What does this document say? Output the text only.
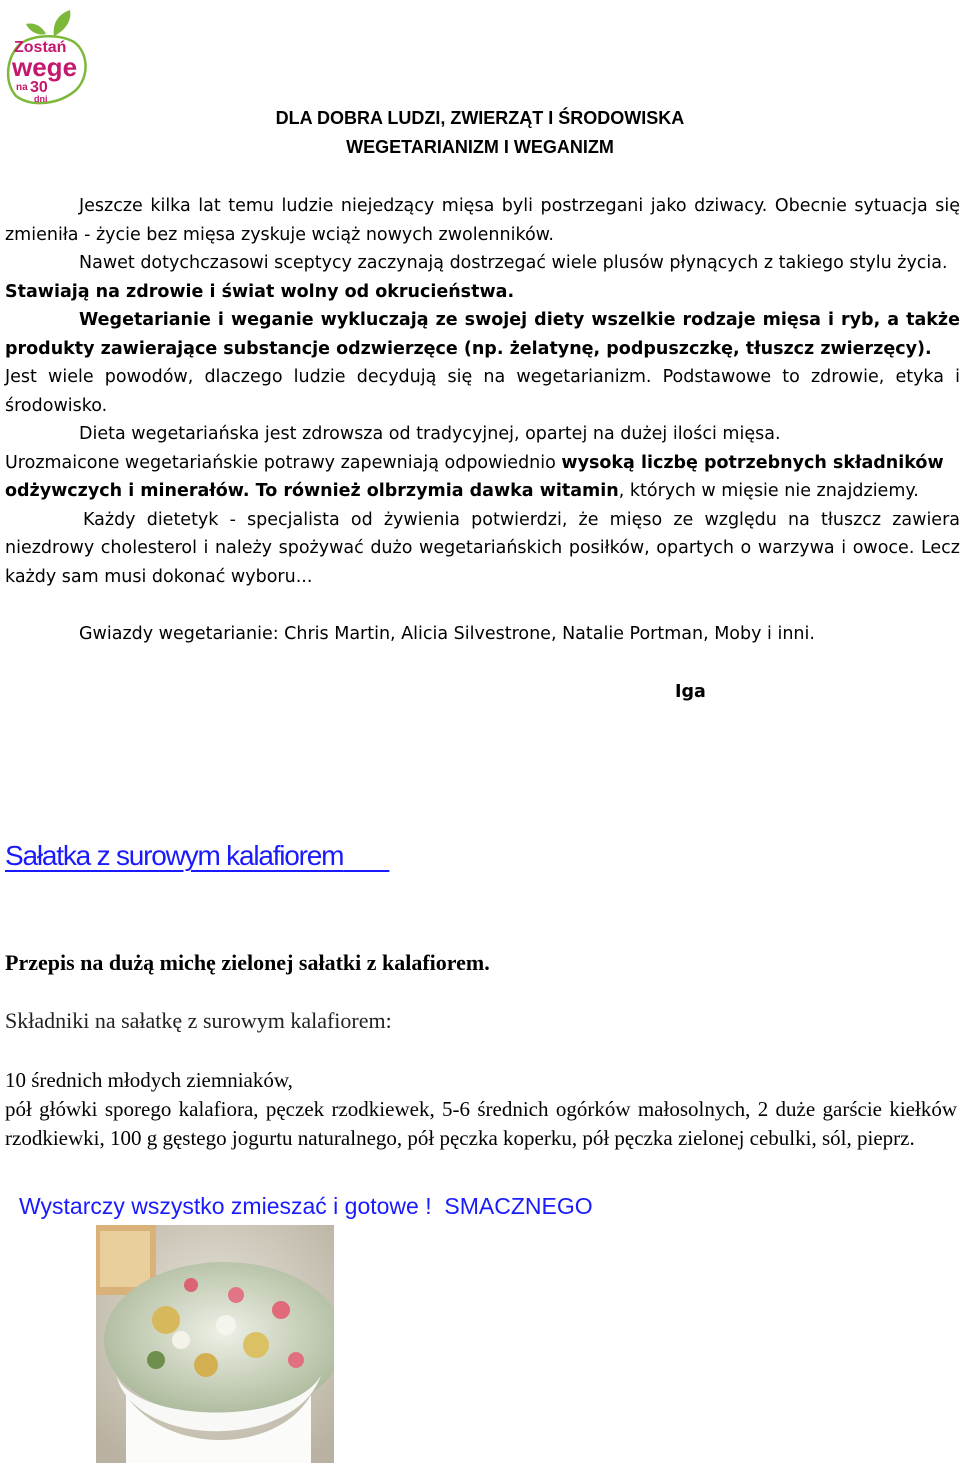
Zostań
wege
na 30
dni
DLA DOBRA LUDZI, ZWIERZĄT I ŚRODOWISKA
WEGETARIANIZM I WEGANIZM

Jeszcze kilka lat temu ludzie niejedzący mięsa byli postrzegani jako dziwacy. Obecnie sytuacja się zmieniła - życie bez mięsa zyskuje wciąż nowych zwolenników.

Nawet dotychczasowi sceptycy zaczynają dostrzegać wiele plusów płynących z takiego stylu życia.

Stawiają na zdrowie i świat wolny od okrucieństwa.

Wegetarianie i weganie wykluczają ze swojej diety wszelkie rodzaje mięsa i ryb, a także produkty zawierające substancje odzwierzęce (np. żelatynę, podpuszczkę, tłuszcz zwierzęcy).

Jest wiele powodów, dlaczego ludzie decydują się na wegetarianizm. Podstawowe to zdrowie, etyka i środowisko.

Dieta wegetariańska jest zdrowsza od tradycyjnej, opartej na dużej ilości mięsa.

Urozmaicone wegetariańskie potrawy zapewniają odpowiednio wysoką liczbę potrzebnych składników odżywczych i minerałów. To również olbrzymia dawka witamin, których w mięsie nie znajdziemy.

Każdy dietetyk - specjalista od żywienia potwierdzi, że mięso ze względu na tłuszcz zawiera niezdrowy cholesterol i należy spożywać dużo wegetariańskich posiłków, opartych o warzywa i owoce. Lecz każdy sam musi dokonać wyboru...

Gwiazdy wegetarianie: Chris Martin, Alicia Silvestrone, Natalie Portman, Moby i inni.

Iga

Sałatka z surowym kalafiorem
Przepis na dużą michę zielonej sałatki z kalafiorem.
Składniki na sałatkę z surowym kalafiorem:

10 średnich młodych ziemniaków,

pół główki sporego kalafiora, pęczek rzodkiewek, 5-6 średnich ogórków małosolnych, 2 duże garście kiełków rzodkiewki, 100 g gęstego jogurtu naturalnego, pół pęczka koperku, pół pęczka zielonej cebulki, sól, pieprz.

Wystarczy wszystko zmieszać i gotowe !  SMACZNEGO
